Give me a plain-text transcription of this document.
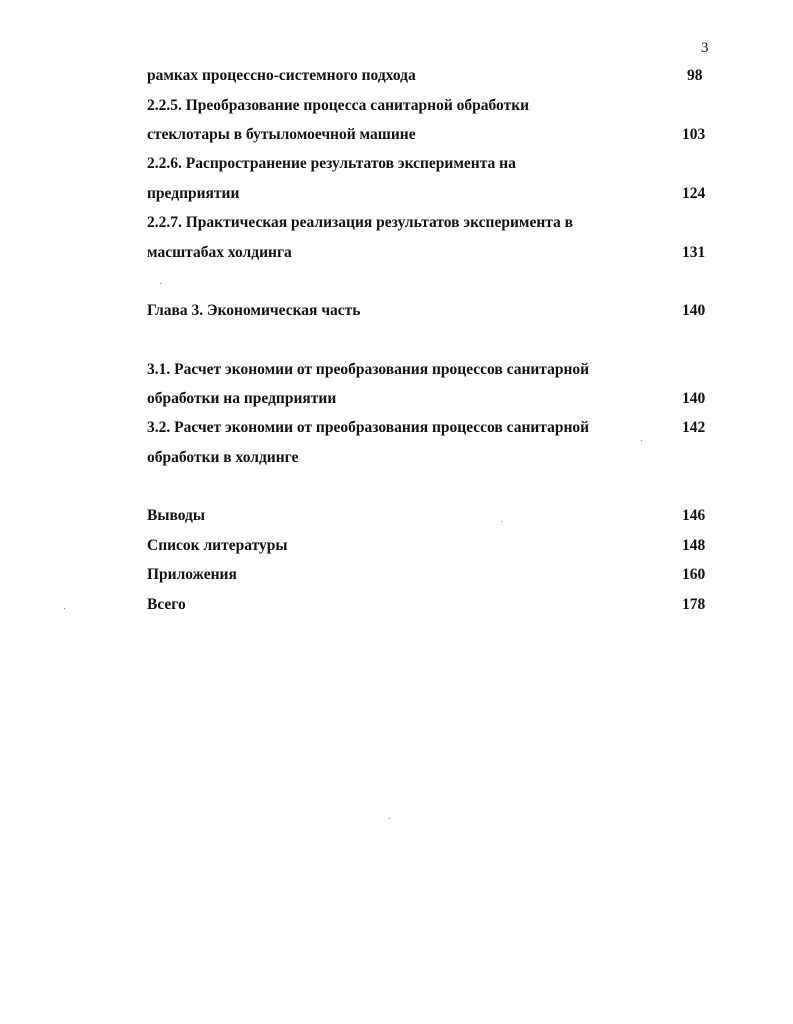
3
рамках процессно-системного подхода	98
2.2.5. Преобразование процесса санитарной обработки
стеклотары в бутыломоечной машине	103
2.2.6. Распространение результатов эксперимента на
предприятии	124
2.2.7. Практическая реализация результатов эксперимента в
масштабах холдинга	131
Глава 3. Экономическая часть	140
3.1. Расчет экономии от преобразования процессов санитарной
обработки на предприятии	140
3.2. Расчет экономии от преобразования процессов санитарной	142
обработки в холдинге
Выводы	146
Список литературы	148
Приложения	160
Всего	178
